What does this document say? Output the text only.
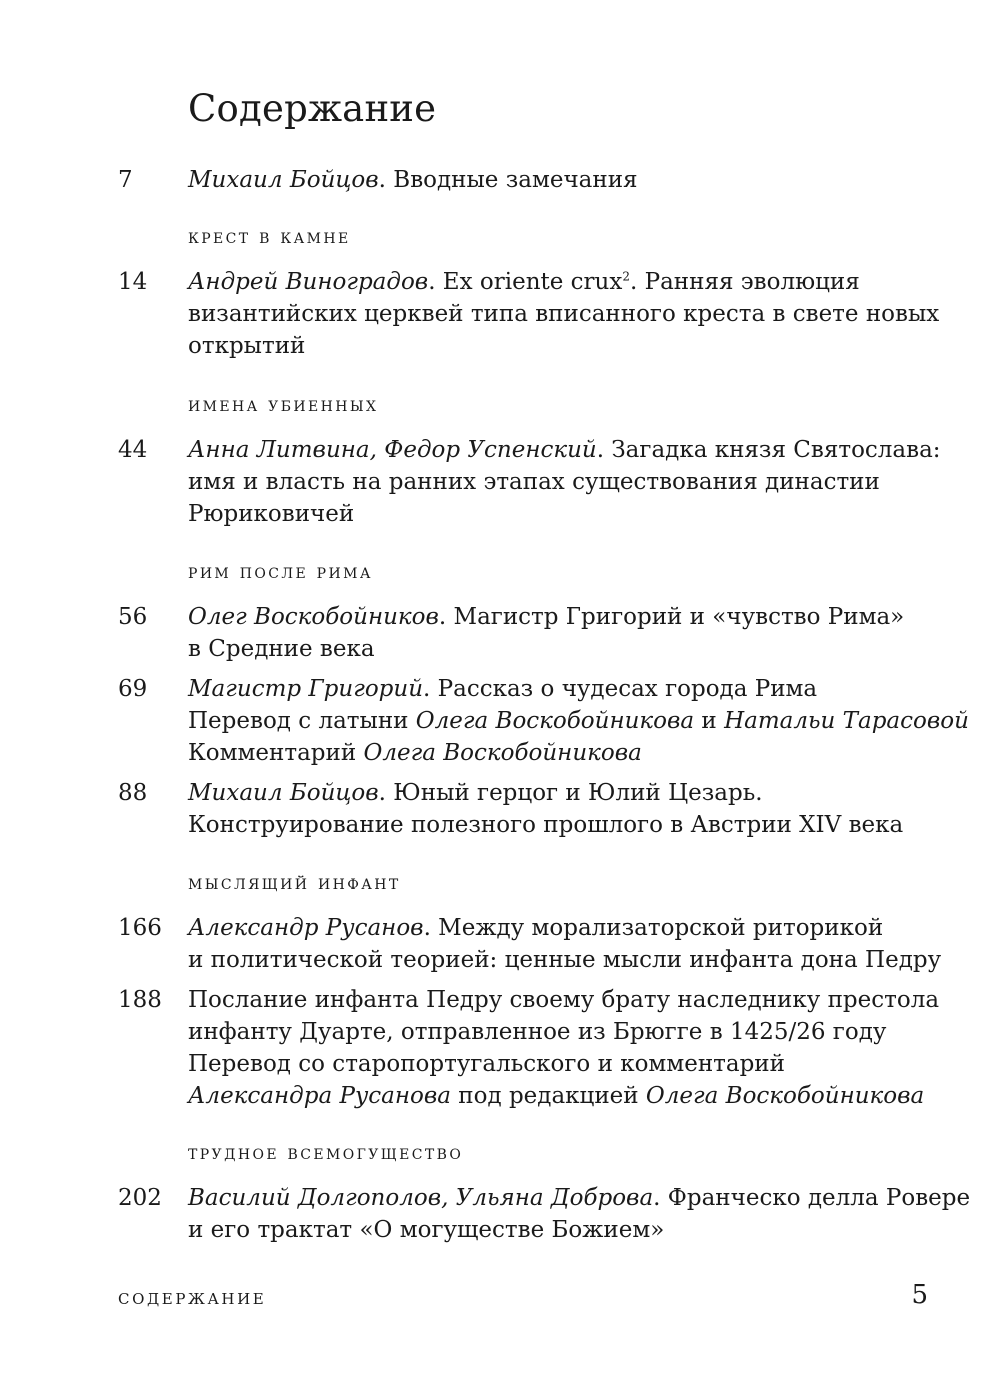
Содержание
7 Михаил Бойцов. Вводные замечания
крест в камне
14 Андрей Виноградов. Ex oriente crux$^2$. Ранняя эволюция
византийских церквей типа вписанного креста в свете новых
открытий
имена убиенных
44 Анна Литвина, Федор Успенский. Загадка князя Святослава:
имя и власть на ранних этапах существования династии
Рюриковичей
рим после рима
56 Олег Воскобойников. Магистр Григорий и «чувство Рима»
в Средние века
69 Магистр Григорий. Рассказ о чудесах города Рима
Перевод с латыни Олега Воскобойникова и Натальи Тарасовой
Комментарий Олега Воскобойникова
88 Михаил Бойцов. Юный герцог и Юлий Цезарь.
Конструирование полезного прошлого в Австрии XIV века
мыслящий инфант
166 Александр Русанов. Между морализаторской риторикой
и политической теорией: ценные мысли инфанта дона Педру
188 Послание инфанта Педру своему брату наследнику престола
инфанту Дуарте, отправленное из Брюгге в 1425/26 году
Перевод со старопортугальского и комментарий
Александра Русанова под редакцией Олега Воскобойникова
трудное всемогущество
202 Василий Долгополов, Ульяна Доброва. Франческо делла Ровере
и его трактат «О могуществе Божием»
СОДЕРЖАНИЕ	5
